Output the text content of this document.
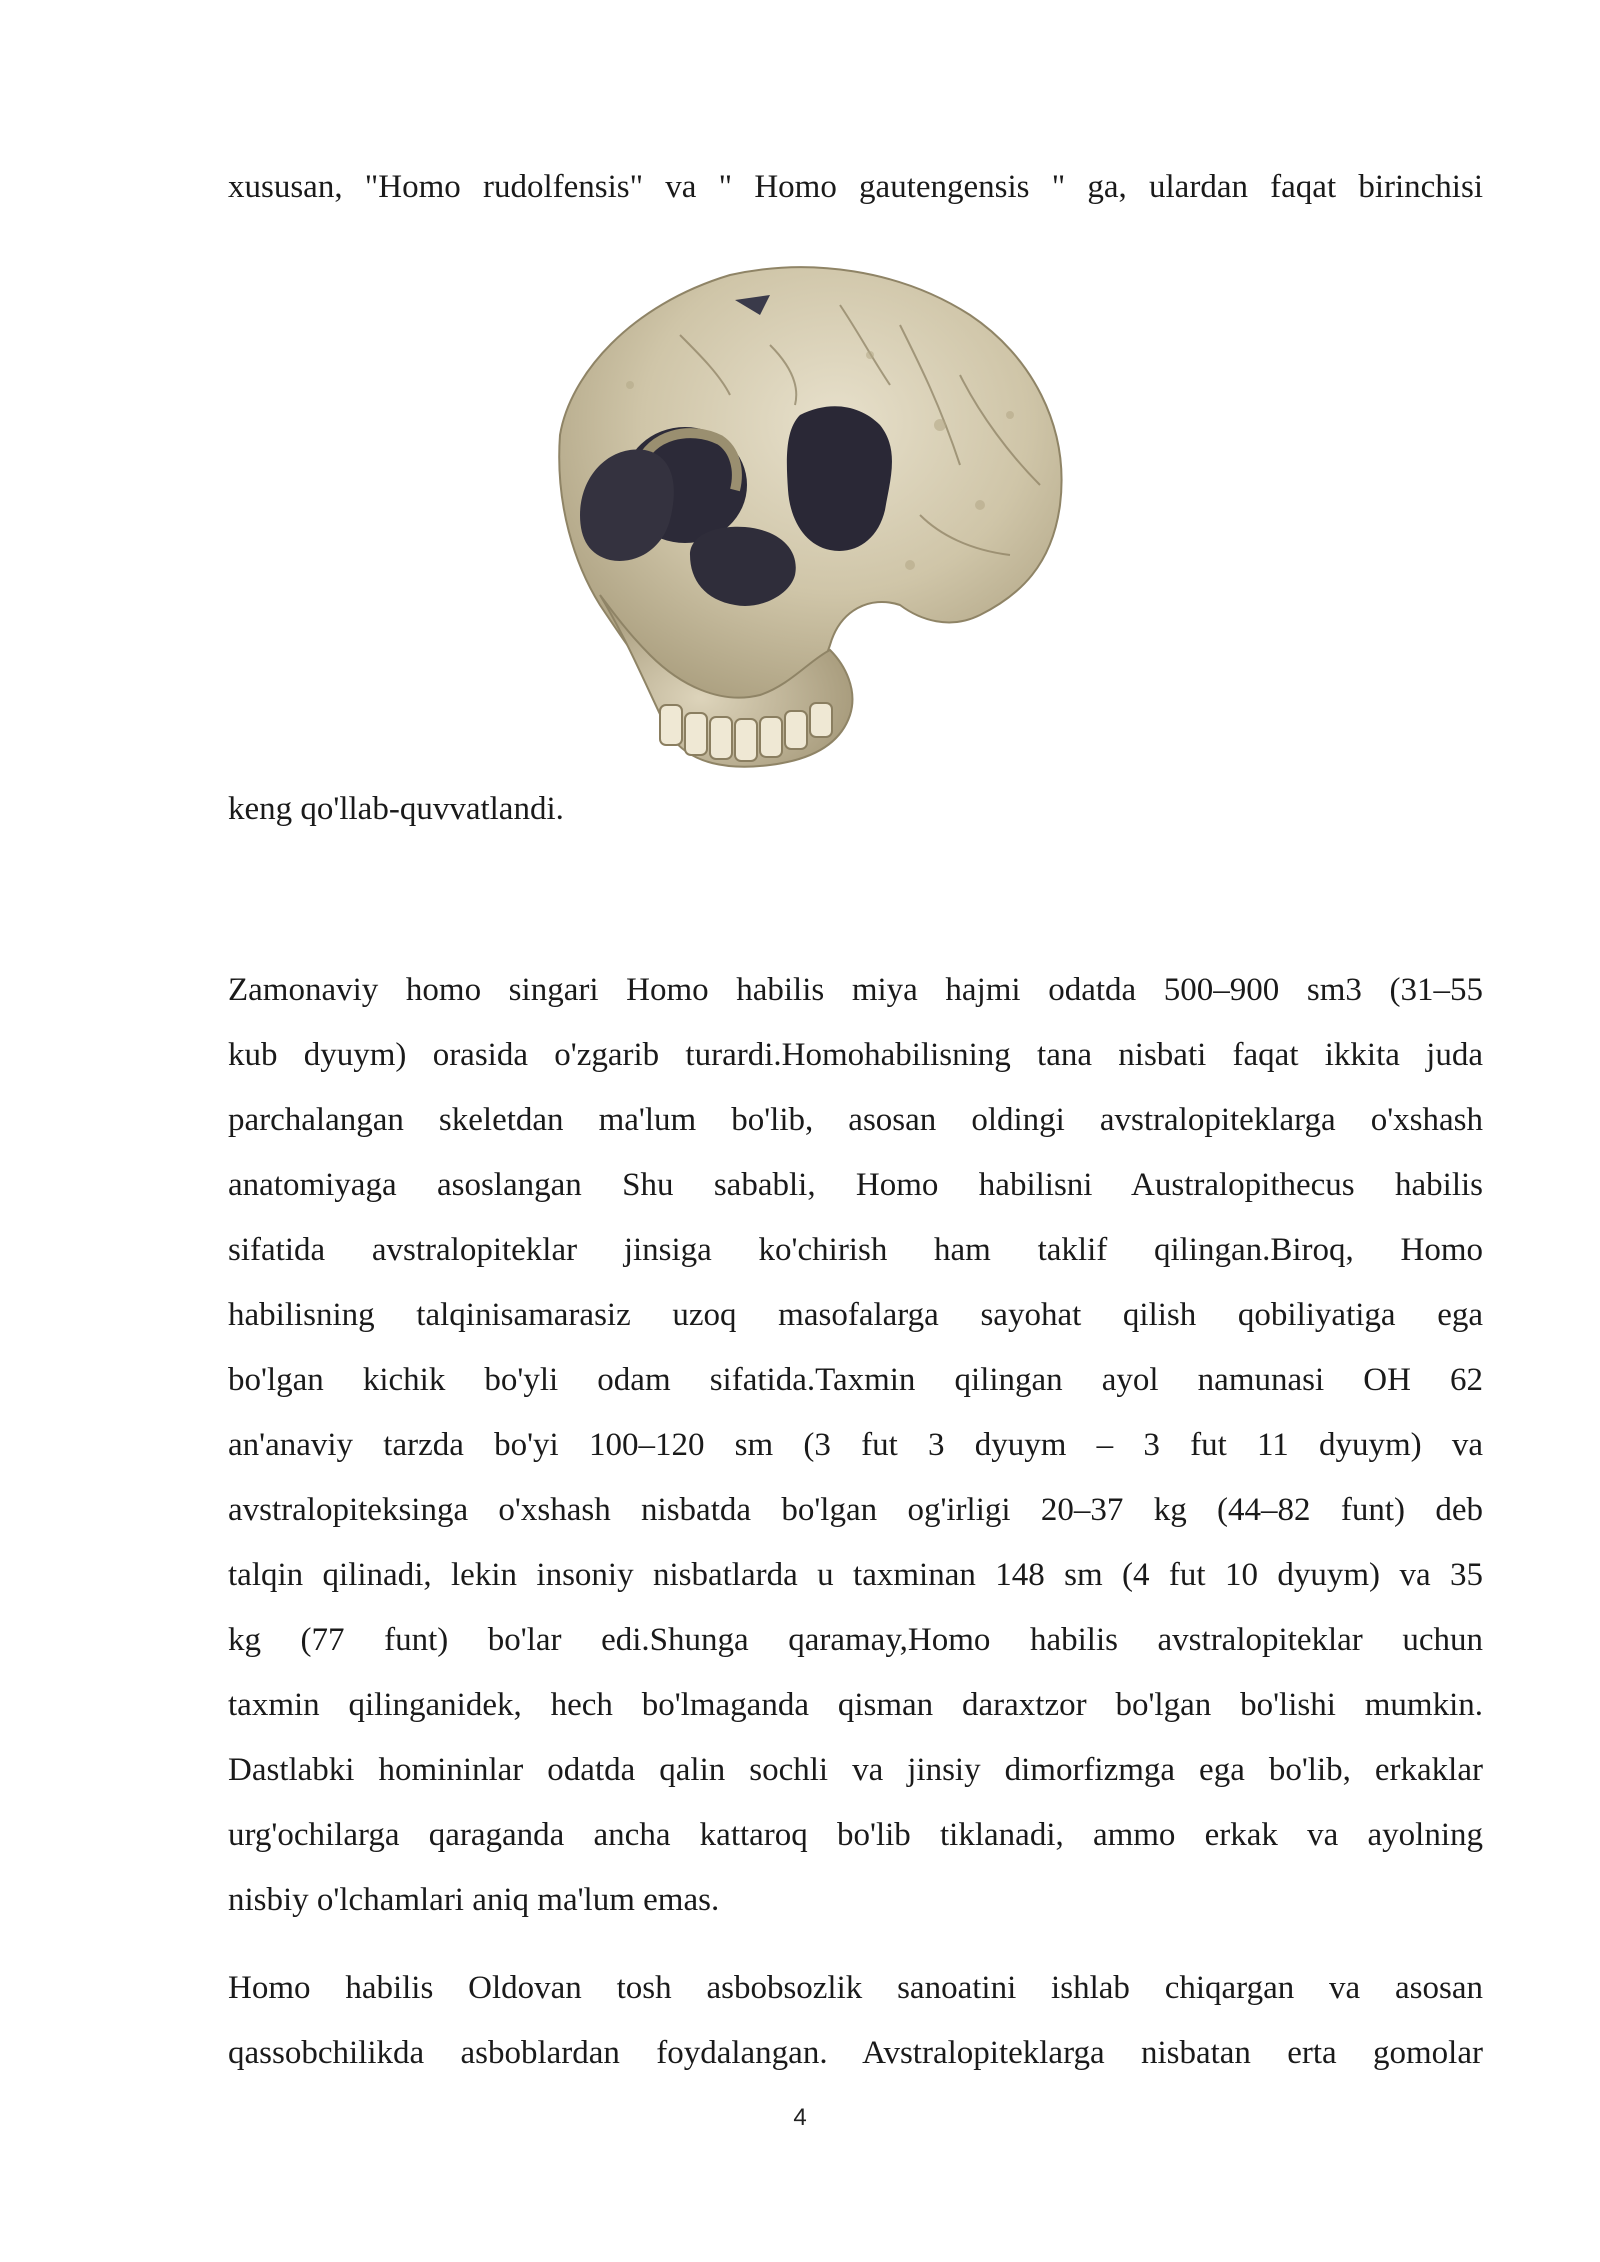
xususan, "Homo rudolfensis" va " Homo gautengensis " ga, ulardan faqat birinchisi
keng qo'llab-quvvatlandi.
Zamonaviy homo singari Homo habilis miya hajmi odatda 500–900 sm3 (31–55
kub dyuym) orasida o'zgarib turardi.Homohabilisning tana nisbati faqat ikkita juda
parchalangan skeletdan ma'lum bo'lib, asosan oldingi avstralopiteklarga o'xshash
anatomiyaga asoslangan Shu sababli, Homo habilisni Australopithecus habilis
sifatida avstralopiteklar jinsiga ko'chirish ham taklif qilingan.Biroq, Homo
habilisning talqinisamarasiz uzoq masofalarga sayohat qilish qobiliyatiga ega
bo'lgan kichik bo'yli odam sifatida.Taxmin qilingan ayol namunasi OH 62
an'anaviy tarzda bo'yi 100–120 sm (3 fut 3 dyuym – 3 fut 11 dyuym) va
avstralopiteksinga o'xshash nisbatda bo'lgan og'irligi 20–37 kg (44–82 funt) deb
talqin qilinadi, lekin insoniy nisbatlarda u taxminan 148 sm (4 fut 10 dyuym) va 35
kg (77 funt) bo'lar edi.Shunga qaramay,Homo habilis avstralopiteklar uchun
taxmin qilinganidek, hech bo'lmaganda qisman daraxtzor bo'lgan bo'lishi mumkin.
Dastlabki homininlar odatda qalin sochli va jinsiy dimorfizmga ega bo'lib, erkaklar
urg'ochilarga qaraganda ancha kattaroq bo'lib tiklanadi, ammo erkak va ayolning
nisbiy o'lchamlari aniq ma'lum emas.
Homo habilis Oldovan tosh asbobsozlik sanoatini ishlab chiqargan va asosan
qassobchilikda asboblardan foydalangan. Avstralopiteklarga nisbatan erta gomolar
4
